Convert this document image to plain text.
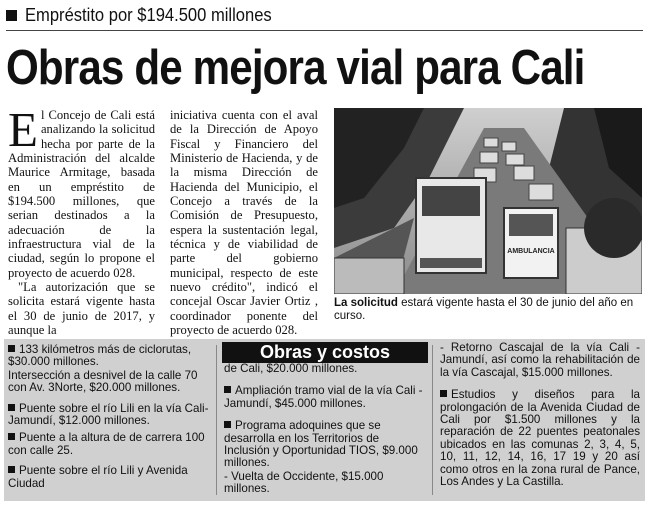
Empréstito por $194.500 millones
Obras de mejora vial para Cali

El Concejo de Cali está analizando la solicitud hecha por parte de la Administración del alcalde Maurice Armitage, basada en un empréstito de $194.500 millones, que serian destinados a la adecuación de la infraestructura vial de la ciudad, según lo propone el proyecto de acuerdo 028.

"La autorización que se solicita estará vigente hasta el 30 de junio de 2017, y aunque la

iniciativa cuenta con el aval de la Dirección de Apoyo Fiscal y Financiero del Ministerio de Hacienda, y de la misma Dirección de Hacienda del Municipio, el Concejo a través de la Comisión de Presupuesto, espera la sustentación legal, técnica y de viabilidad de parte del gobierno municipal, respecto de este nuevo crédito", indicó el concejal Oscar Javier Ortiz , coordinador ponente del proyecto de acuerdo 028.

AMBULANCIA
La solicitud estará vigente hasta el 30 de junio del año en curso.
Obras y costos
133 kilómetros más de ciclorutas, $30.000 millones.
Intersección a desnivel de la calle 70 con Av. 3Norte, $20.000 millones.
Puente sobre el río Lili en la vía Cali-Jamundí, $12.000 millones.
Puente a la altura de de carrera 100 con calle 25.
Puente sobre el río Lili y Avenida Ciudad
de Cali, $20.000 millones.
Ampliación tramo vial de la vía Cali - Jamundí, $45.000 millones.
Programa adoquines que se desarrolla en los Territorios de Inclusión y Oportunidad TIOS, $9.000 millones.
- Vuelta de Occidente, $15.000 millones.
- Retorno Cascajal de la vía Cali - Jamundí, así como la rehabilitación de la vía Cascajal, $15.000 millones.
Estudios y diseños para la prolongación de la Avenida Ciudad de Cali por $1.500 millones y la reparación de 22 puentes peatonales ubicados en las comunas 2, 3, 4, 5, 10, 11, 12, 14, 16, 17 19 y 20 así como otros en la zona rural de Pance, Los Andes y La Castilla.
